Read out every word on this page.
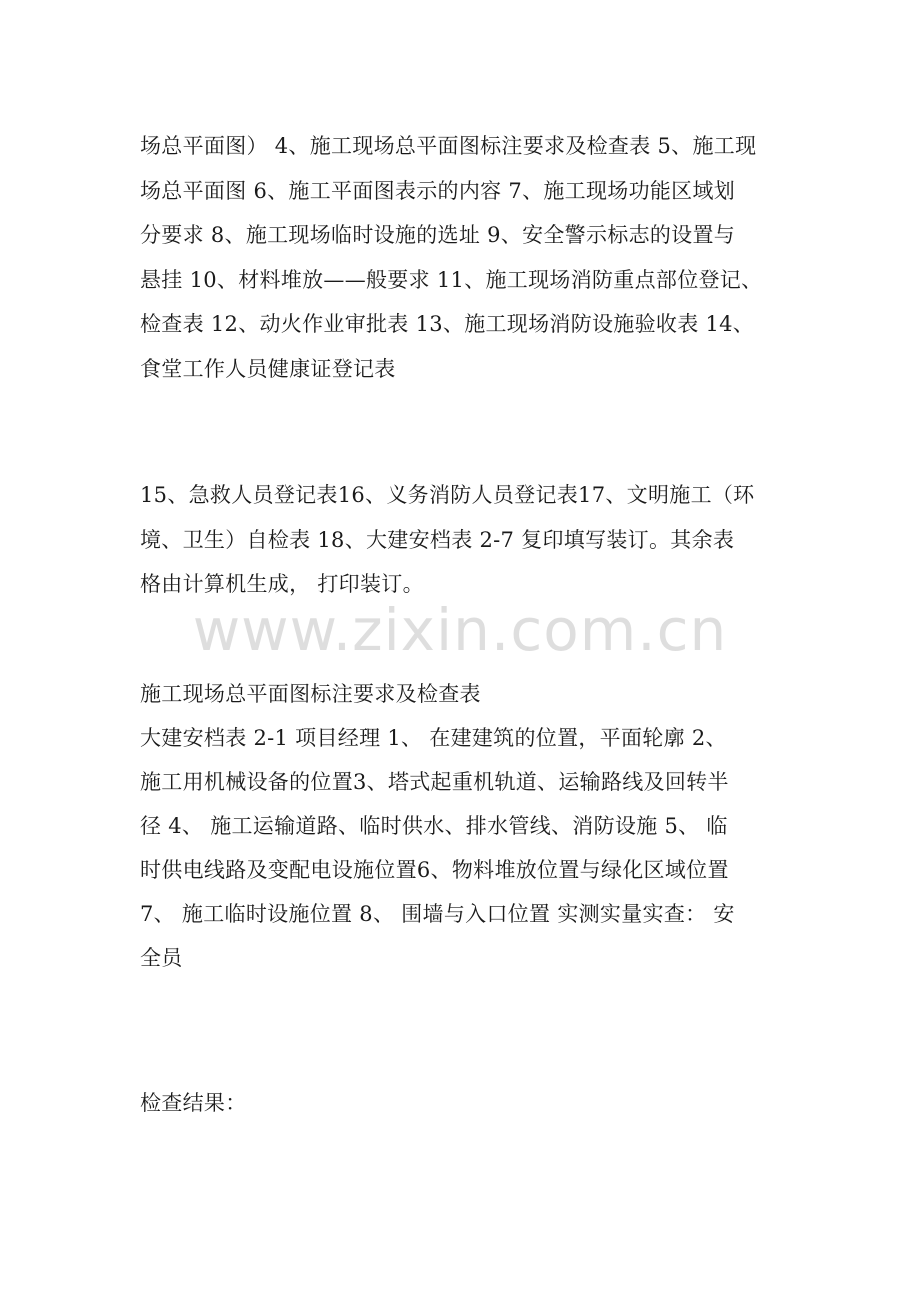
场总平面图） 4、施工现场总平面图标注要求及检查表 5、施工现
场总平面图 6、施工平面图表示的内容 7、施工现场功能区域划
分要求 8、施工现场临时设施的选址 9、安全警示标志的设置与
悬挂 10、材料堆放——般要求 11、施工现场消防重点部位登记、
检查表 12、动火作业审批表 13、施工现场消防设施验收表 14、
食堂工作人员健康证登记表
15、急救人员登记表16、义务消防人员登记表17、文明施工（环
境、卫生）自检表 18、大建安档表 2-7 复印填写装订。其余表
格由计算机生成， 打印装订。
www.zixin.com.cn
施工现场总平面图标注要求及检查表
大建安档表 2-1 项目经理 1、 在建建筑的位置，平面轮廓 2、
施工用机械设备的位置3、塔式起重机轨道、运输路线及回转半
径 4、 施工运输道路、临时供水、排水管线、消防设施 5、 临
时供电线路及变配电设施位置6、物料堆放位置与绿化区域位置
7、 施工临时设施位置 8、 围墙与入口位置 实测实量实查： 安
全员
检查结果：
